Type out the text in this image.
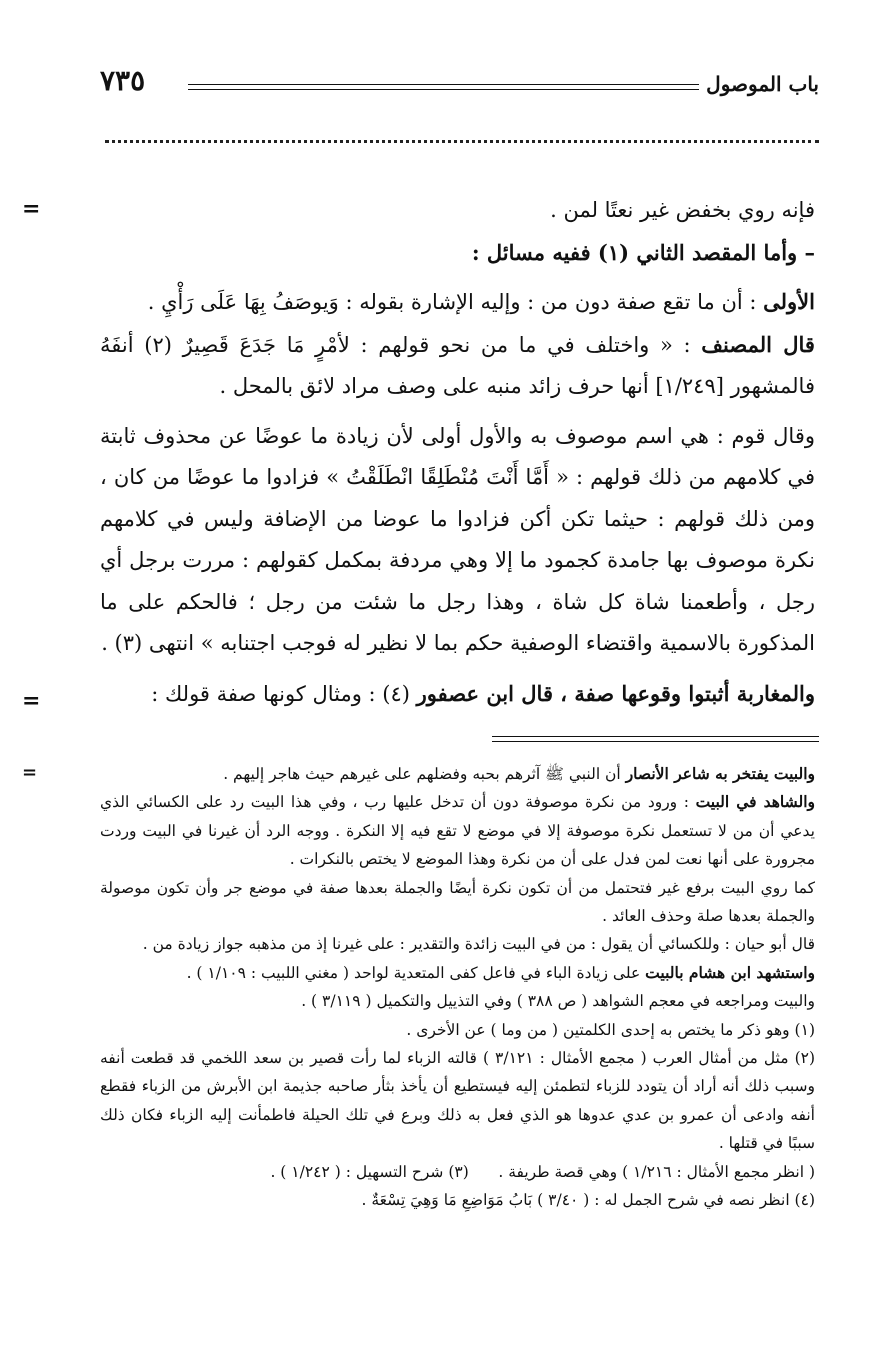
باب الموصول
٧٣٥
=	فإنه روي بخفض غير نعتًا لمن .

– وأما المقصد الثاني (١) ففيه مسائل :

الأولى : أن ما تقع صفة دون من : وإليه الإشارة بقوله : وَيوصَفُ بِهَا عَلَى رَأْيِ .

قال المصنف : « واختلف في ما من نحو قولهم : لأمْرٍ مَا جَدَعَ قَصِيرٌ (٢) أنفَهُ فالمشهور [١/٢٤٩] أنها حرف زائد منبه على وصف مراد لائق بالمحل .

وقال قوم : هي اسم موصوف به والأول أولى لأن زيادة ما عوضًا عن محذوف ثابتة في كلامهم من ذلك قولهم : « أَمَّا أَنْتَ مُنْطَلِقًا انْطَلَقْتُ » فزادوا ما عوضًا من كان ، ومن ذلك قولهم : حيثما تكن أكن فزادوا ما عوضا من الإضافة وليس في كلامهم نكرة موصوف بها جامدة كجمود ما إلا وهي مردفة بمكمل كقولهم : مررت برجل أي رجل ، وأطعمنا شاة كل شاة ، وهذا رجل ما شئت من رجل ؛ فالحكم على ما المذكورة بالاسمية واقتضاء الوصفية حكم بما لا نظير له فوجب اجتنابه » انتهى (٣) .

والمغاربة أثبتوا وقوعها صفة ، قال ابن عصفور (٤) : ومثال كونها صفة قولك :

=
=	والبيت يفتخر به شاعر الأنصار أن النبي ﷺ آثرهم بحبه وفضلهم على غيرهم حيث هاجر إليهم .

والشاهد في البيت : ورود من نكرة موصوفة دون أن تدخل عليها رب ، وفي هذا البيت رد على الكسائي الذي يدعي أن من لا تستعمل نكرة موصوفة إلا في موضع لا تقع فيه إلا النكرة . ووجه الرد أن غيرنا في البيت وردت مجرورة على أنها نعت لمن فدل على أن من نكرة وهذا الموضع لا يختص بالنكرات .

كما روي البيت برفع غير فتحتمل من أن تكون نكرة أيضًا والجملة بعدها صفة في موضع جر وأن تكون موصولة والجملة بعدها صلة وحذف العائد .

قال أبو حيان : وللكسائي أن يقول : من في البيت زائدة والتقدير : على غيرنا إذ من مذهبه جواز زيادة من .

واستشهد ابن هشام بالبيت على زيادة الباء في فاعل كفى المتعدية لواحد ( مغني اللبيب : ١/١٠٩ ) .

والبيت ومراجعه في معجم الشواهد ( ص ٣٨٨ ) وفي التذييل والتكميل ( ٣/١١٩ ) .

(١) وهو ذكر ما يختص به إحدى الكلمتين ( من وما ) عن الأخرى .

(٢) مثل من أمثال العرب ( مجمع الأمثال : ٣/١٢١ ) قالته الزباء لما رأت قصير بن سعد اللخمي قد قطعت أنفه وسبب ذلك أنه أراد أن يتودد للزباء لتطمئن إليه فيستطيع أن يأخذ بثأر صاحبه جذيمة ابن الأبرش من الزباء فقطع أنفه وادعى أن عمرو بن عدي عدوها هو الذي فعل به ذلك وبرع في تلك الحيلة فاطمأنت إليه الزباء فكان ذلك سببًا في قتلها .

( انظر مجمع الأمثال : ١/٢١٦ ) وهي قصة طريفة .      (٣) شرح التسهيل : ( ١/٢٤٢ ) .

(٤) انظر نصه في شرح الجمل له : ( ٣/٤٠ ) بَابُ مَوَاضِعِ مَا وَهِيَ تِسْعَةٌ .
